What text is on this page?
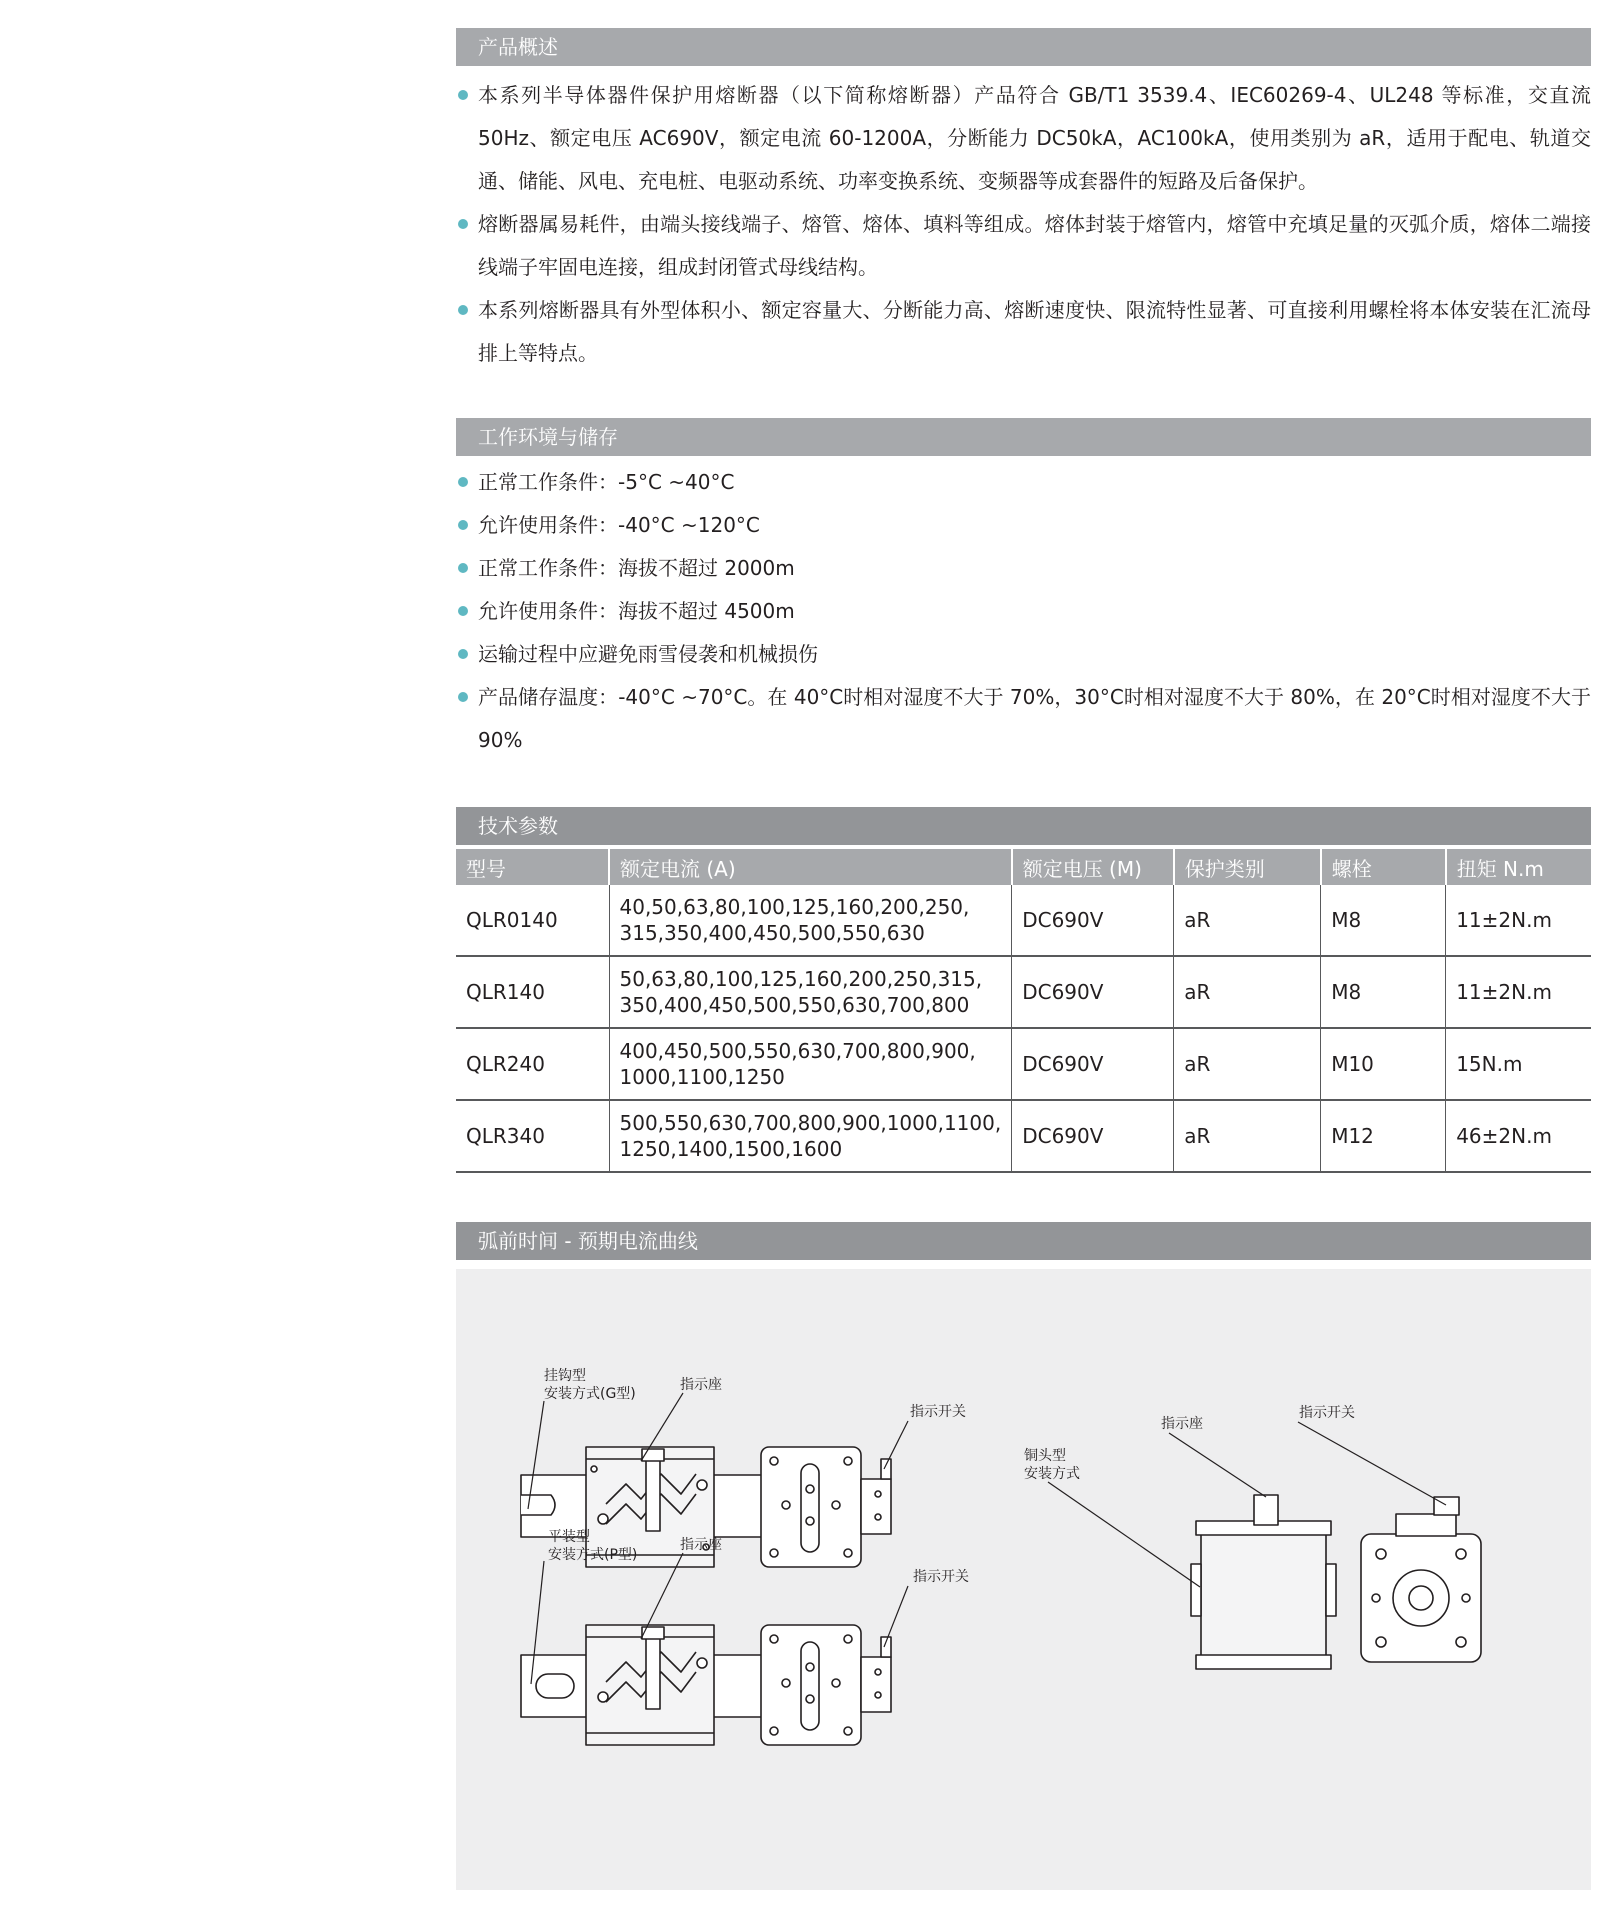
产品概述
本系列半导体器件保护用熔断器（以下简称熔断器）产品符合 GB/T1 3539.4、IEC60269-4、UL248 等标准，交直流 50Hz、额定电压 AC690V，额定电流 60-1200A，分断能力 DC50kA，AC100kA，使用类别为 aR，适用于配电、轨道交通、储能、风电、充电桩、电驱动系统、功率变换系统、变频器等成套器件的短路及后备保护。
熔断器属易耗件，由端头接线端子、熔管、熔体、填料等组成。熔体封装于熔管内，熔管中充填足量的灭弧介质，熔体二端接线端子牢固电连接，组成封闭管式母线结构。
本系列熔断器具有外型体积小、额定容量大、分断能力高、熔断速度快、限流特性显著、可直接利用螺栓将本体安装在汇流母排上等特点。
工作环境与储存
正常工作条件：-5°C ~40°C
允许使用条件：-40°C ~120°C
正常工作条件：海拔不超过 2000m
允许使用条件：海拔不超过 4500m
运输过程中应避免雨雪侵袭和机械损伤
产品储存温度：-40°C ~70°C。在 40°C时相对湿度不大于 70%，30°C时相对湿度不大于 80%，在 20°C时相对湿度不大于 90%
技术参数
型号	额定电流 (A)	额定电压 (M)	保护类别	螺栓	扭矩 N.m
QLR0140	40,50,63,80,100,125,160,200,250,
315,350,400,450,500,550,630	DC690V	aR	M8	11±2N.m
QLR140	50,63,80,100,125,160,200,250,315,
350,400,450,500,550,630,700,800	DC690V	aR	M8	11±2N.m
QLR240	400,450,500,550,630,700,800,900,
1000,1100,1250	DC690V	aR	M10	15N.m
QLR340	500,550,630,700,800,900,1000,1100,
1250,1400,1500,1600	DC690V	aR	M12	46±2N.m
弧前时间 - 预期电流曲线
挂钩型
安装方式(G型)
指示座
指示开关
平装型
安装方式(P型)
指示座
指示开关
铜头型
安装方式
指示座
指示开关
